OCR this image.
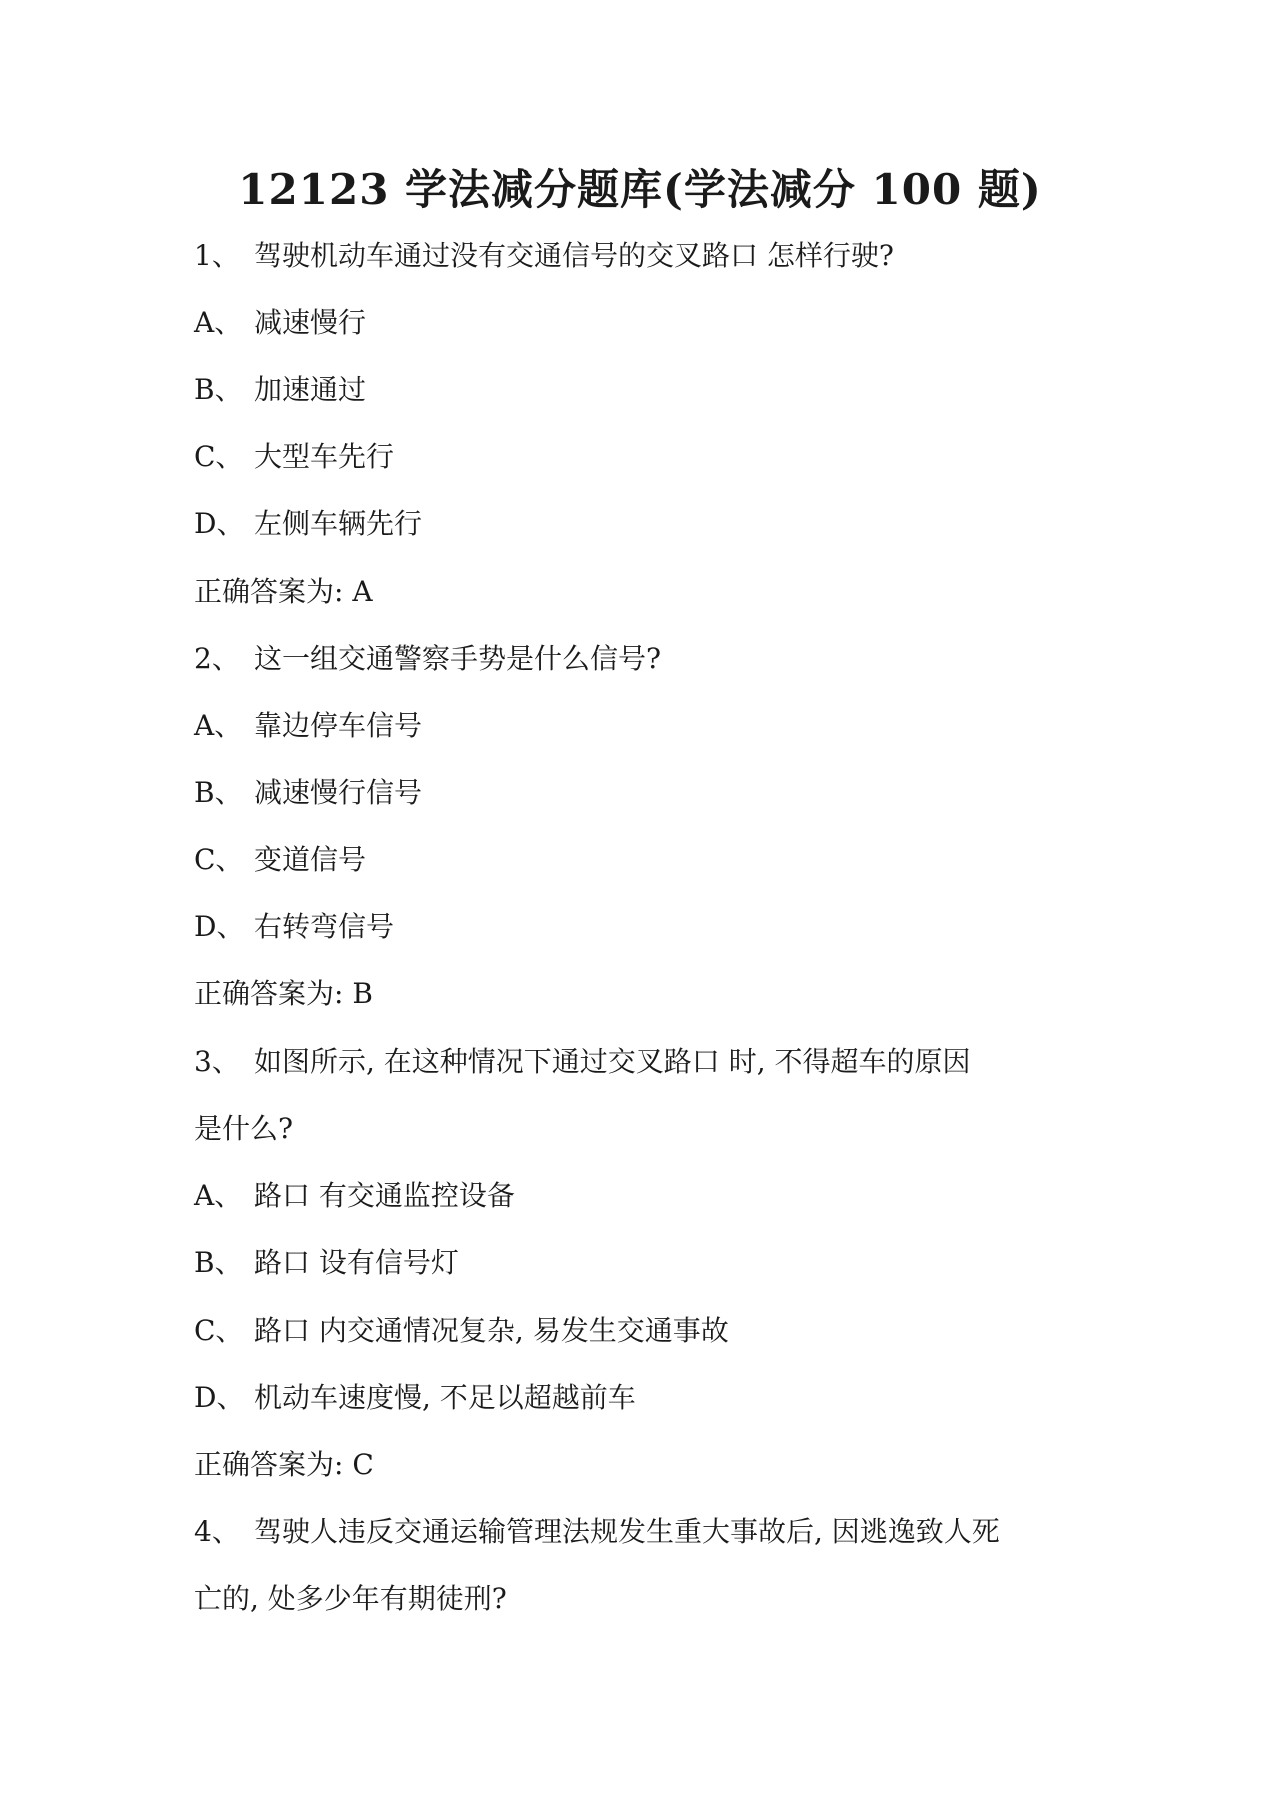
12123 学法减分题库(学法减分 100 题)
1、 驾驶机动车通过没有交通信号的交叉路口 怎样行驶?
A、 减速慢行
B、 加速通过
C、 大型车先行
D、 左侧车辆先行
正确答案为: A
2、 这一组交通警察手势是什么信号?
A、 靠边停车信号
B、 减速慢行信号
C、 变道信号
D、 右转弯信号
正确答案为: B
3、 如图所示, 在这种情况下通过交叉路口 时, 不得超车的原因
是什么?
A、 路口 有交通监控设备
B、 路口 设有信号灯
C、 路口 内交通情况复杂, 易发生交通事故
D、 机动车速度慢, 不足以超越前车
正确答案为: C
4、 驾驶人违反交通运输管理法规发生重大事故后, 因逃逸致人死
亡的, 处多少年有期徒刑?
